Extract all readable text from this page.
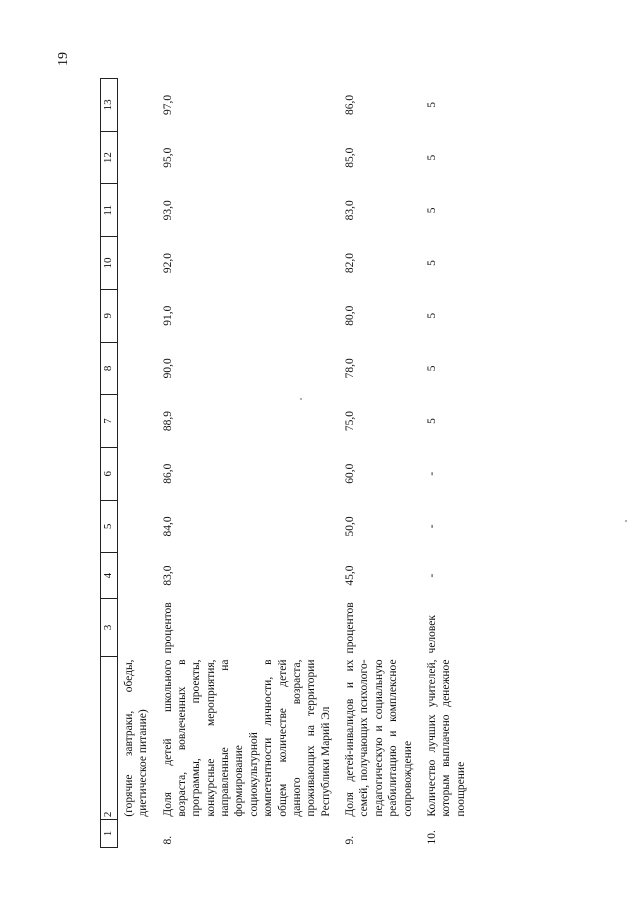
19
1	2	3	4	5	6	7	8	9	10	11	12	13
	(горячие завтраки, обеды, диетическое питание)											
8.	Доля детей школьного возраста, вовлеченных в программы, проекты, конкурсные мероприятия, направленные на формирование социокультурной компетентности личности, в общем количестве детей данного возраста, проживающих на территории Республики Марий Эл	процентов	83,0	84,0	86,0	88,9	90,0	91,0	92,0	93,0	95,0	97,0
9.	Доля детей-инвалидов и их семей, получающих психолого-педагогическую и социальную реабилитацию и комплексное сопровождение	процентов	45,0	50,0	60,0	75,0	78,0	80,0	82,0	83,0	85,0	86,0
10.	Количество лучших учителей, которым выплачено денежное поощрение	человек	-	-	-	5	5	5	5	5	5	5
